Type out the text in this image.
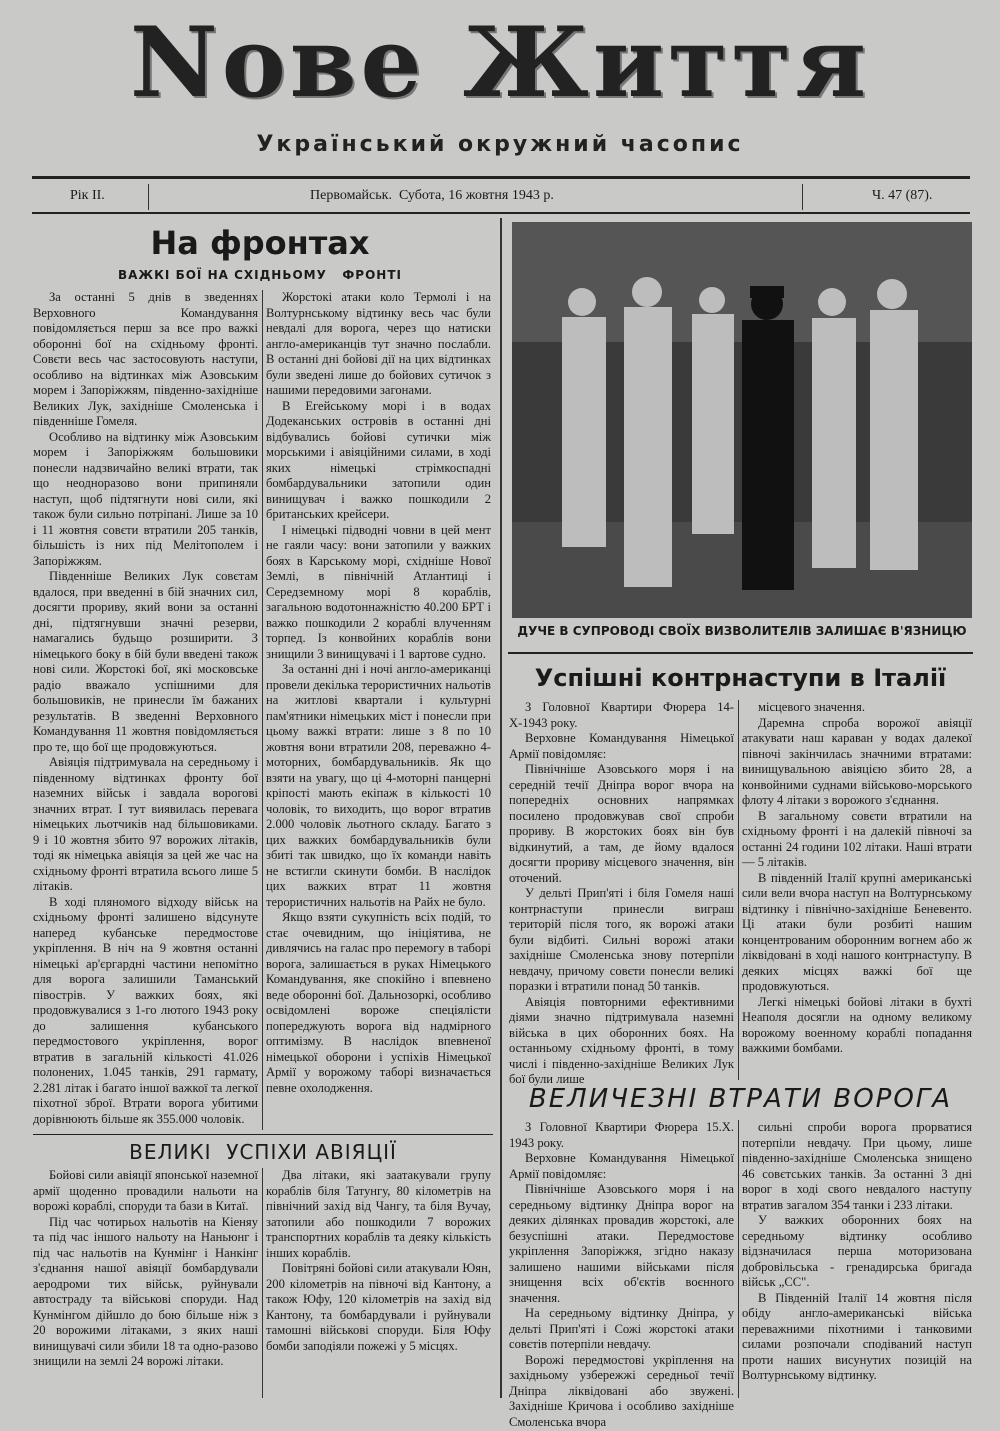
Nове Життя
Український окружний часопис
Рік II.	Первомайськ.  Субота, 16 жовтня 1943 р.	Ч. 47 (87).
На фронтах
ВАЖКІ БОЇ НА СХІДНЬОМУ   ФРОНТІ

За останні 5 днів в зведеннях Верховного Командування повідомляється перш за все про важкі оборонні бої на східньому фронті. Совєти весь час застосовують наступи, особливо на відтинках між Азовським морем і Запоріжжям, південно-західніше Великих Лук, західніше Смоленська і південніше Гомеля.

Особливо на відтинку між Азовським морем і Запоріжжям большовики понесли надзвичайно великі втрати, так що неодноразово вони припиняли наступ, щоб підтягнути нові сили, які також були сильно потріпані. Лише за 10 і 11 жовтня совєти втратили 205 танків, більшість із них під Мелітополем і Запоріжжям.

Південніше Великих Лук совєтам вдалося, при введенні в бій значних сил, досягти прориву, який вони за останні дні, підтягнувши значні резерви, намагались будьщо розширити. З німецького боку в бій були введені також нові сили. Жорстокі бої, які московське радіо вважало успішними для большовиків, не принесли їм бажаних результатів. В зведенні Верховного Командування 11 жовтня повідомляється про те, що бої ще продовжуються.

Авіяція підтримувала на середньому і південному відтинках фронту бої наземних військ і завдала ворогові значних втрат. І тут виявилась перевага німецьких льотчиків над більшовиками. 9 і 10 жовтня збито 97 ворожих літаків, тоді як німецька авіяція за цей же час на східньому фронті втратила всього лише 5 літаків.

В ході пляномого відходу військ на східньому фронті залишено відсунуте наперед кубанське передмостове укріплення. В ніч на 9 жовтня останні німецькі ар'єргардні частини непомітно для ворога залишили Таманський півострів. У важких боях, які продовжувалися з 1-го лютого 1943 року до залишення кубанського передмостового укріплення, ворог втратив в загальній кількості 41.026 полонених, 1.045 танків, 291 гармату, 2.281 літак і багато іншої важкої та легкої піхотної зброї. Втрати ворога убитими дорівнюють більше як 355.000 чоловік.

Жорстокі атаки коло Термолі і на Волтурнському відтинку весь час були невдалі для ворога, через що натиски англо-американців тут значно послабли. В останні дні бойові дії на цих відтинках були зведені лише до бойових сутичок з нашими передовими загонами.

В Егейському морі і в водах Додеканських островів в останні дні відбувались бойові сутички між морськими і авіяційними силами, в ході яких німецькі стрімкоспадні бомбардувальники затопили один винищувач і важко пошкодили 2 британських крейсери.

І німецькі підводні човни в цей мент не гаяли часу: вони затопили у важких боях в Карському морі, східніше Нової Землі, в північній Атлантиці і Середземному морі 8 кораблів, загальною водотоннажністю 40.200 БРТ і важко пошкодили 2 кораблі влученням торпед. Із конвойних кораблів вони знищили 3 винищувачі і 1 вартове судно.

За останні дні і ночі англо-американці провели декілька терористичних нальотів на житлові квартали і культурні пам'ятники німецьких міст і понесли при цьому важкі втрати: лише з 8 по 10 жовтня вони втратили 208, переважно 4-моторних, бомбардувальників. Як що взяти на увагу, що ці 4-моторні панцерні кріпості мають екіпаж в кількості 10 чоловік, то виходить, що ворог втратив 2.000 чоловік льотного складу. Багато з цих важких бомбардувальників були збиті так швидко, що їх команди навіть не встигли скинути бомби. В наслідок цих важких втрат 11 жовтня терористичних нальотів на Райх не було.

Якщо взяти сукупність всіх подій, то стає очевидним, що ініціятива, не дивлячись на галас про перемогу в таборі ворога, залишається в руках Німецького Командування, яке спокійно і впевнено веде оборонні бої. Дальнозоркі, особливо освідомлені вороже спеціялісти попереджують ворога від надмірного оптимізму. В наслідок впевненої німецької оборони і успіхів Німецької Армії у ворожому таборі визначається певне охолодження.

ВЕЛИКІ  УСПІХИ АВІЯЦІЇ

Бойові сили авіяції японської наземної армії щоденно провадили нальоти на ворожі кораблі, споруди та бази в Китаї.

Під час чотирьох нальотів на Кіеняу та під час іншого нальоту на Наньюнг і під час нальотів на Кунмінг і Нанкінг з'єднання нашої авіяції бомбардували аеродроми тих військ, руйнували автостраду та військові споруди. Над Кунмінгом дійшло до бою більше ніж з 20 ворожими літаками, з яких наші винищувачі сили збили 18 та одно-разово знищили на землі 24 ворожі літаки.

Два літаки, які заатакували групу кораблів біля Татунгу, 80 кілометрів на північний захід від Чангу, та біля Вучау, затопили або пошкодили 7 ворожих транспортних кораблів та деяку кількість інших кораблів.

Повітряні бойові сили атакували Юян, 200 кілометрів на півночі від Кантону, а також Юфу, 120 кілометрів на захід від Кантону, та бомбардували і руйнували тамошні військові споруди. Біля Юфу бомби заподіяли пожежі у 5 місцях.

ДУЧЕ В СУПРОВОДІ СВОЇХ ВИЗВОЛИТЕЛІВ ЗАЛИШАЄ В'ЯЗНИЦЮ
Успішні контрнаступи в Італії

З Головної Квартири Фюрера 14-Х-1943 року.

Верховне Командування Німецької Армії повідомляє:

Північніше Азовського моря і на середній течії Дніпра ворог вчора на попередніх основних напрямках посилено продовжував свої спроби прориву. В жорстоких боях він був відкинутий, а там, де йому вдалося досягти прориву місцевого значення, він оточений.

У дельті Прип'яті і біля Гомеля наші контрнаступи принесли виграш територій після того, як ворожі атаки були відбиті. Сильні ворожі атаки західніше Смоленська знову потерпіли невдачу, причому совєти понесли великі поразки і втратили понад 50 танків.

Авіяція повторними ефективними діями значно підтримувала наземні війська в цих оборонних боях. На останньому східньому фронті, в тому числі і південно-західніше Великих Лук бої були лише

місцевого значення.

Даремна спроба ворожої авіяції атакувати наш караван у водах далекої півночі закінчилась значними втратами: винищувальною авіяцією збито 28, а конвойними суднами військово-морського флоту 4 літаки з ворожого з'єднання.

В загальному совєти втратили на східньому фронті і на далекій півночі за останні 24 години 102 літаки. Наші втрати — 5 літаків.

В південній Італії крупні американські сили вели вчора наступ на Волтурнському відтинку і північно-західніше Беневенто. Ці атаки були розбиті нашим концентрованим оборонним вогнем або ж ліквідовані в ході нашого контрнаступу. В деяких місцях важкі бої ще продовжуються.

Легкі німецькі бойові літаки в бухті Неаполя досягли на одному великому ворожому военному кораблі попадання важкими бомбами.

ВЕЛИЧЕЗНІ ВТРАТИ ВОРОГА

З Головної Квартири Фюрера 15.Х. 1943 року.

Верховне Командування Німецької Армії повідомляє:

Північніше Азовського моря і на середньому відтинку Дніпра ворог на деяких ділянках провадив жорстокі, але безуспішні атаки. Передмостове укріплення Запоріжжя, згідно наказу залишено нашими військами після знищення всіх об'єктів воєнного значення.

На середньому відтинку Дніпра, у дельті Прип'яті і Сожі жорстокі атаки совєтів потерпіли невдачу.

Ворожі передмостові укріплення на західньому узбережжі середньої течії Дніпра ліквідовані або звужені. Західніше Кричова і особливо західніше Смоленська вчора

сильні спроби ворога прорватися потерпіли невдачу. При цьому, лише південно-західніше Смоленська знищено 46 совєтських танків. За останні 3 дні ворог в ході свого невдалого наступу втратив загалом 354 танки і 233 літаки.

У важких оборонних боях на середньому відтинку особливо відзначилася перша моторизована добровільська - гренадирська бригада військ „СС".

В Південній Італії 14 жовтня після обіду англо-американські війська переважними піхотними і танковими силами розпочали сподіваний наступ проти наших висунутих позицій на Волтурнському відтинку.
